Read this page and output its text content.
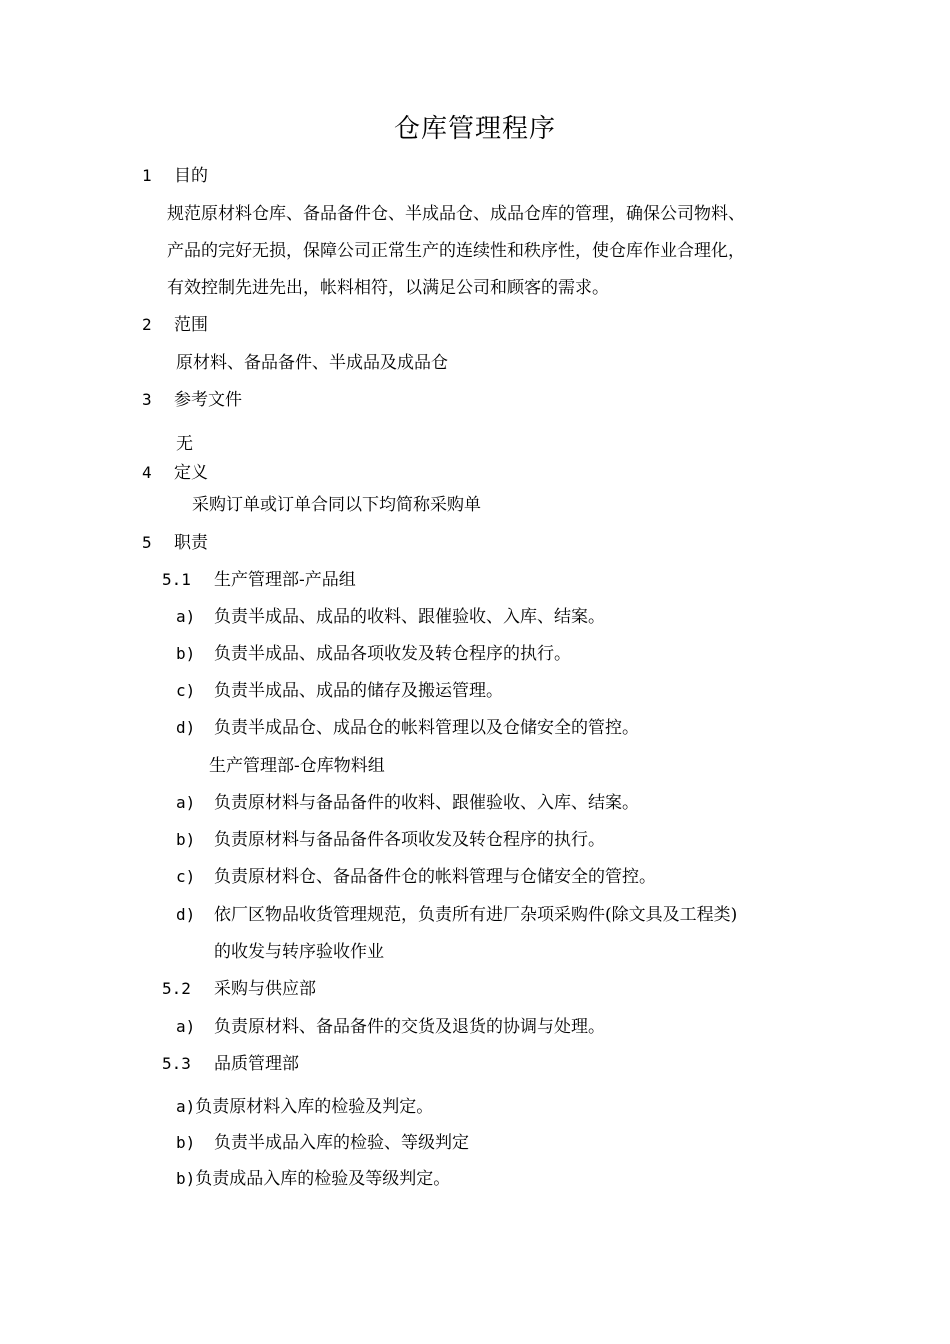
仓库管理程序
1 目的
规范原材料仓库、备品备件仓、半成品仓、成品仓库的管理，确保公司物料、
产品的完好无损，保障公司正常生产的连续性和秩序性，使仓库作业合理化，
有效控制先进先出，帐料相符，以满足公司和顾客的需求。
2 范围
原材料、备品备件、半成品及成品仓
3 参考文件
无
4 定义
采购订单或订单合同以下均简称采购单
5 职责
5.1 生产管理部-产品组
a) 负责半成品、成品的收料、跟催验收、入库、结案。
b) 负责半成品、成品各项收发及转仓程序的执行。
c) 负责半成品、成品的储存及搬运管理。
d) 负责半成品仓、成品仓的帐料管理以及仓储安全的管控。
生产管理部-仓库物料组
a) 负责原材料与备品备件的收料、跟催验收、入库、结案。
b) 负责原材料与备品备件各项收发及转仓程序的执行。
c) 负责原材料仓、备品备件仓的帐料管理与仓储安全的管控。
d) 依厂区物品收货管理规范，负责所有进厂杂项采购件(除文具及工程类)
的收发与转序验收作业
5.2 采购与供应部
a) 负责原材料、备品备件的交货及退货的协调与处理。
5.3 品质管理部
a)负责原材料入库的检验及判定。
b) 负责半成品入库的检验、等级判定
b)负责成品入库的检验及等级判定。
